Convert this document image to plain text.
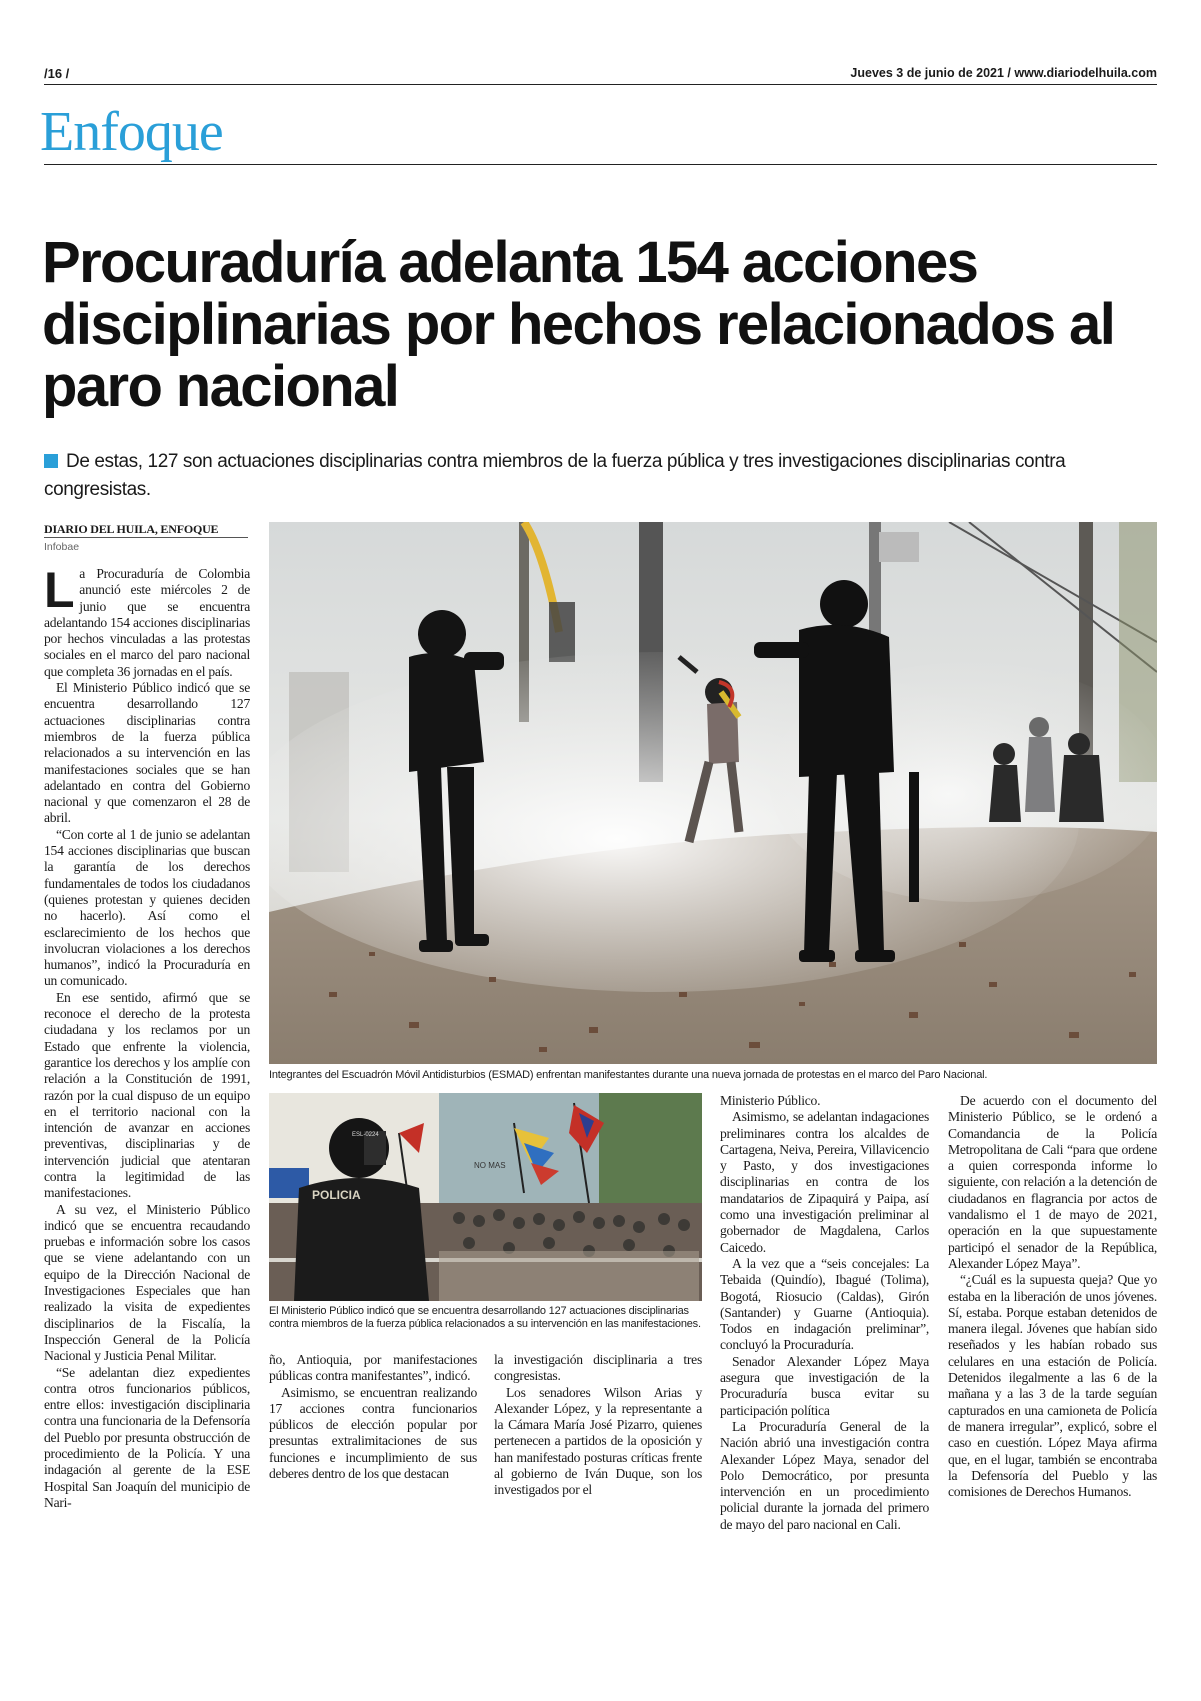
/16 /	Jueves 3 de junio de 2021 / www.diariodelhuila.com
Enfoque
Procuraduría adelanta 154 acciones disciplinarias por hechos relacionados al paro nacional
De estas, 127 son actuaciones disciplinarias contra miembros de la fuerza pública y tres investigaciones disciplinarias contra congresistas.
DIARIO DEL HUILA, ENFOQUE
Infobae

La Procuraduría de Colombia anunció este miércoles 2 de junio que se encuentra adelantando 154 acciones disciplinarias por hechos vinculadas a las protestas sociales en el marco del paro nacional que completa 36 jornadas en el país.

El Ministerio Público indicó que se encuentra desarrollando 127 actuaciones disciplinarias contra miembros de la fuerza pública relacionados a su intervención en las manifestaciones sociales que se han adelantado en contra del Gobierno nacional y que comenzaron el 28 de abril.

“Con corte al 1 de junio se adelantan 154 acciones disciplinarias que buscan la garantía de los derechos fundamentales de todos los ciudadanos (quienes protestan y quienes deciden no hacerlo). Así como el esclarecimiento de los hechos que involucran violaciones a los derechos humanos”, indicó la Procuraduría en un comunicado.

En ese sentido, afirmó que se reconoce el derecho de la protesta ciudadana y los reclamos por un Estado que enfrente la violencia, garantice los derechos y los amplíe con relación a la Constitución de 1991, razón por la cual dispuso de un equipo en el territorio nacional con la intención de avanzar en acciones preventivas, disciplinarias y de intervención judicial que atentaran contra la legitimidad de las manifestaciones.

A su vez, el Ministerio Público indicó que se encuentra recaudando pruebas e información sobre los casos que se viene adelantando con un equipo de la Dirección Nacional de Investigaciones Especiales que han realizado la visita de expedientes disciplinarios de la Fiscalía, la Inspección General de la Policía Nacional y Justicia Penal Militar.

“Se adelantan diez expedientes contra otros funcionarios públicos, entre ellos: investigación disciplinaria contra una funcionaria de la Defensoría del Pueblo por presunta obstrucción de procedimiento de la Policía. Y una indagación al gerente de la ESE Hospital San Joaquín del municipio de Nari-

Integrantes del Escuadrón Móvil Antidisturbios (ESMAD) enfrentan manifestantes durante una nueva jornada de protestas en el marco del Paro Nacional.
POLICIA
ESL-0224
NO MAS
El Ministerio Público indicó que se encuentra desarrollando 127 actuaciones disciplinarias contra miembros de la fuerza pública relacionados a su intervención en las manifestaciones.

ño, Antioquia, por manifestaciones públicas contra manifestantes”, indicó.

Asimismo, se encuentran realizando 17 acciones contra funcionarios públicos de elección popular por presuntas extralimitaciones de sus funciones e incumplimiento de sus deberes dentro de los que destacan

la investigación disciplinaria a tres congresistas.

Los senadores Wilson Arias y Alexander López, y la representante a la Cámara María José Pizarro, quienes pertenecen a partidos de la oposición y han manifestado posturas críticas frente al gobierno de Iván Duque, son los investigados por el

Ministerio Público.

Asimismo, se adelantan indagaciones preliminares contra los alcaldes de Cartagena, Neiva, Pereira, Villavicencio y Pasto, y dos investigaciones disciplinarias en contra de los mandatarios de Zipaquirá y Paipa, así como una investigación preliminar al gobernador de Magdalena, Carlos Caicedo.

A la vez que a “seis concejales: La Tebaida (Quindío), Ibagué (Tolima), Bogotá, Riosucio (Caldas), Girón (Santander) y Guarne (Antioquia). Todos en indagación preliminar”, concluyó la Procuraduría.

Senador Alexander López Maya asegura que investigación de la Procuraduría busca evitar su participación política

La Procuraduría General de la Nación abrió una investigación contra Alexander López Maya, senador del Polo Democrático, por presunta intervención en un procedimiento policial durante la jornada del primero de mayo del paro nacional en Cali.

De acuerdo con el documento del Ministerio Público, se le ordenó a Comandancia de la Policía Metropolitana de Cali “para que ordene a quien corresponda informe lo siguiente, con relación a la detención de ciudadanos en flagrancia por actos de vandalismo el 1 de mayo de 2021, operación en la que supuestamente participó el senador de la República, Alexander López Maya”.

“¿Cuál es la supuesta queja? Que yo estaba en la liberación de unos jóvenes. Sí, estaba. Porque estaban detenidos de manera ilegal. Jóvenes que habían sido reseñados y les habían robado sus celulares en una estación de Policía. Detenidos ilegalmente a las 6 de la mañana y a las 3 de la tarde seguían capturados en una camioneta de Policía de manera irregular”, explicó, sobre el caso en cuestión. López Maya afirma que, en el lugar, también se encontraba la Defensoría del Pueblo y las comisiones de Derechos Humanos.
